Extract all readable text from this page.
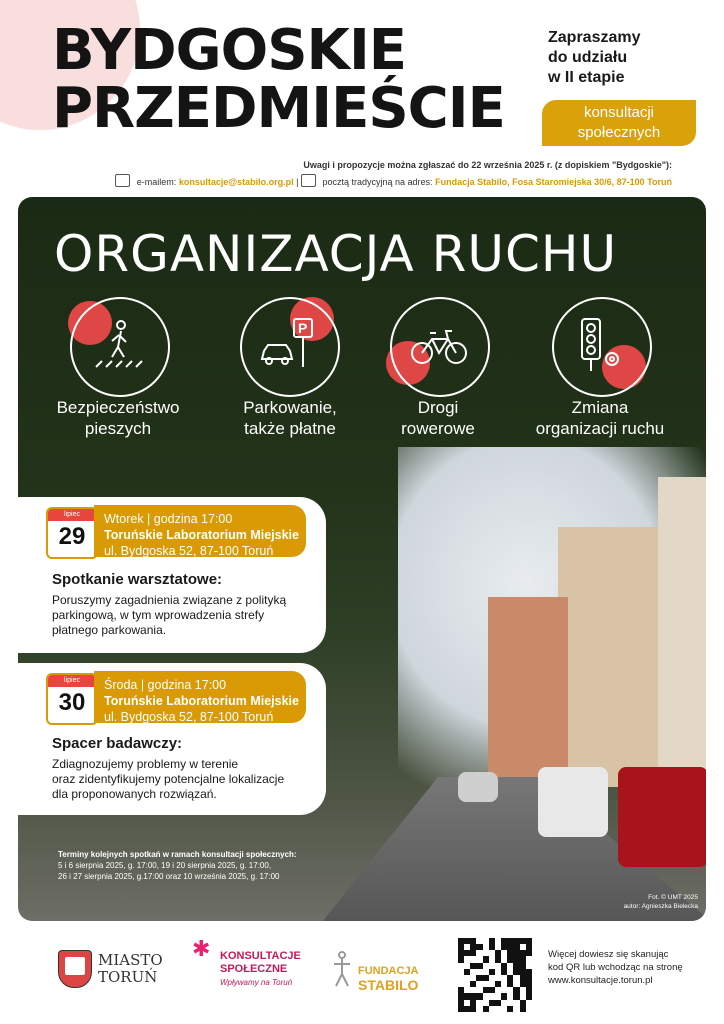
BYDGOSKIE
PRZEDMIEŚCIE
Zapraszamy
do udziału
w II etapie
konsultacji
społecznych
Uwagi i propozycje można zgłaszać do 22 września 2025 r. (z dopiskiem "Bydgoskie"):
e-mailem: konsultacje@stabilo.org.pl |	pocztą tradycyjną na adres: Fundacja Stabilo, Fosa Staromiejska 30/6, 87-100 Toruń
ORGANIZACJA RUCHU
Bezpieczeństwo
pieszych
P
Parkowanie,
także płatne
Drogi
rowerowe
Zmiana
organizacji ruchu
lipiec
29
Wtorek | godzina 17:00
Toruńskie Laboratorium Miejskie
ul. Bydgoska 52, 87-100 Toruń
Spotkanie warsztatowe:
Poruszymy zagadnienia związane z polityką
parkingową, w tym wprowadzenia strefy
płatnego parkowania.
lipiec
30
Środa | godzina 17:00
Toruńskie Laboratorium Miejskie
ul. Bydgoska 52, 87-100 Toruń
Spacer badawczy:
Zdiagnozujemy problemy w terenie
oraz zidentyfikujemy potencjalne lokalizacje
dla proponowanych rozwiązań.
Terminy kolejnych spotkań w ramach konsultacji społecznych:
5 i 6 sierpnia 2025, g. 17:00, 19 i 20 sierpnia 2025, g. 17:00,
26 i 27 sierpnia 2025, g.17:00 oraz 10 września 2025, g. 17:00
Fot. © UMT 2025
autor: Agnieszka Bielecka
MIASTO
TORUŃ
✱ KONSULTACJE
SPOŁECZNE
Wpływamy na Toruń
FUNDACJA
STABILO
Więcej dowiesz się skanując
kod QR lub wchodząc na stronę
www.konsultacje.torun.pl
